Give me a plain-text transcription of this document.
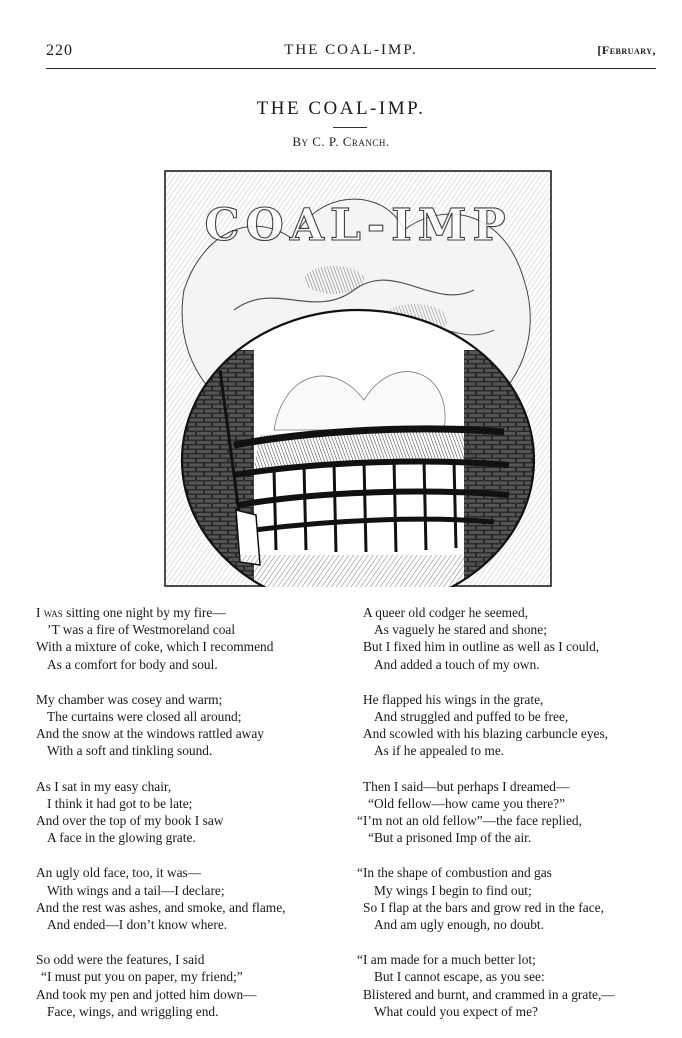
220	THE COAL-IMP.	[February,
THE COAL-IMP.
By C. P. Cranch.
COAL-IMP
I was sitting one night by my fire—
’T was a fire of Westmoreland coal
With a mixture of coke, which I recommend
As a comfort for body and soul.
My chamber was cosey and warm;
The curtains were closed all around;
And the snow at the windows rattled away
With a soft and tinkling sound.
As I sat in my easy chair,
I think it had got to be late;
And over the top of my book I saw
A face in the glowing grate.
An ugly old face, too, it was—
With wings and a tail—I declare;
And the rest was ashes, and smoke, and flame,
And ended—I don’t know where.
So odd were the features, I said
“I must put you on paper, my friend;”
And took my pen and jotted him down—
Face, wings, and wriggling end.
A queer old codger he seemed,
As vaguely he stared and shone;
But I fixed him in outline as well as I could,
And added a touch of my own.
He flapped his wings in the grate,
And struggled and puffed to be free,
And scowled with his blazing carbuncle eyes,
As if he appealed to me.
Then I said—but perhaps I dreamed—
“Old fellow—how came you there?”
“I’m not an old fellow”—the face replied,
“But a prisoned Imp of the air.
“In the shape of combustion and gas
My wings I begin to find out;
So I flap at the bars and grow red in the face,
And am ugly enough, no doubt.
“I am made for a much better lot;
But I cannot escape, as you see:
Blistered and burnt, and crammed in a grate,—
What could you expect of me?
